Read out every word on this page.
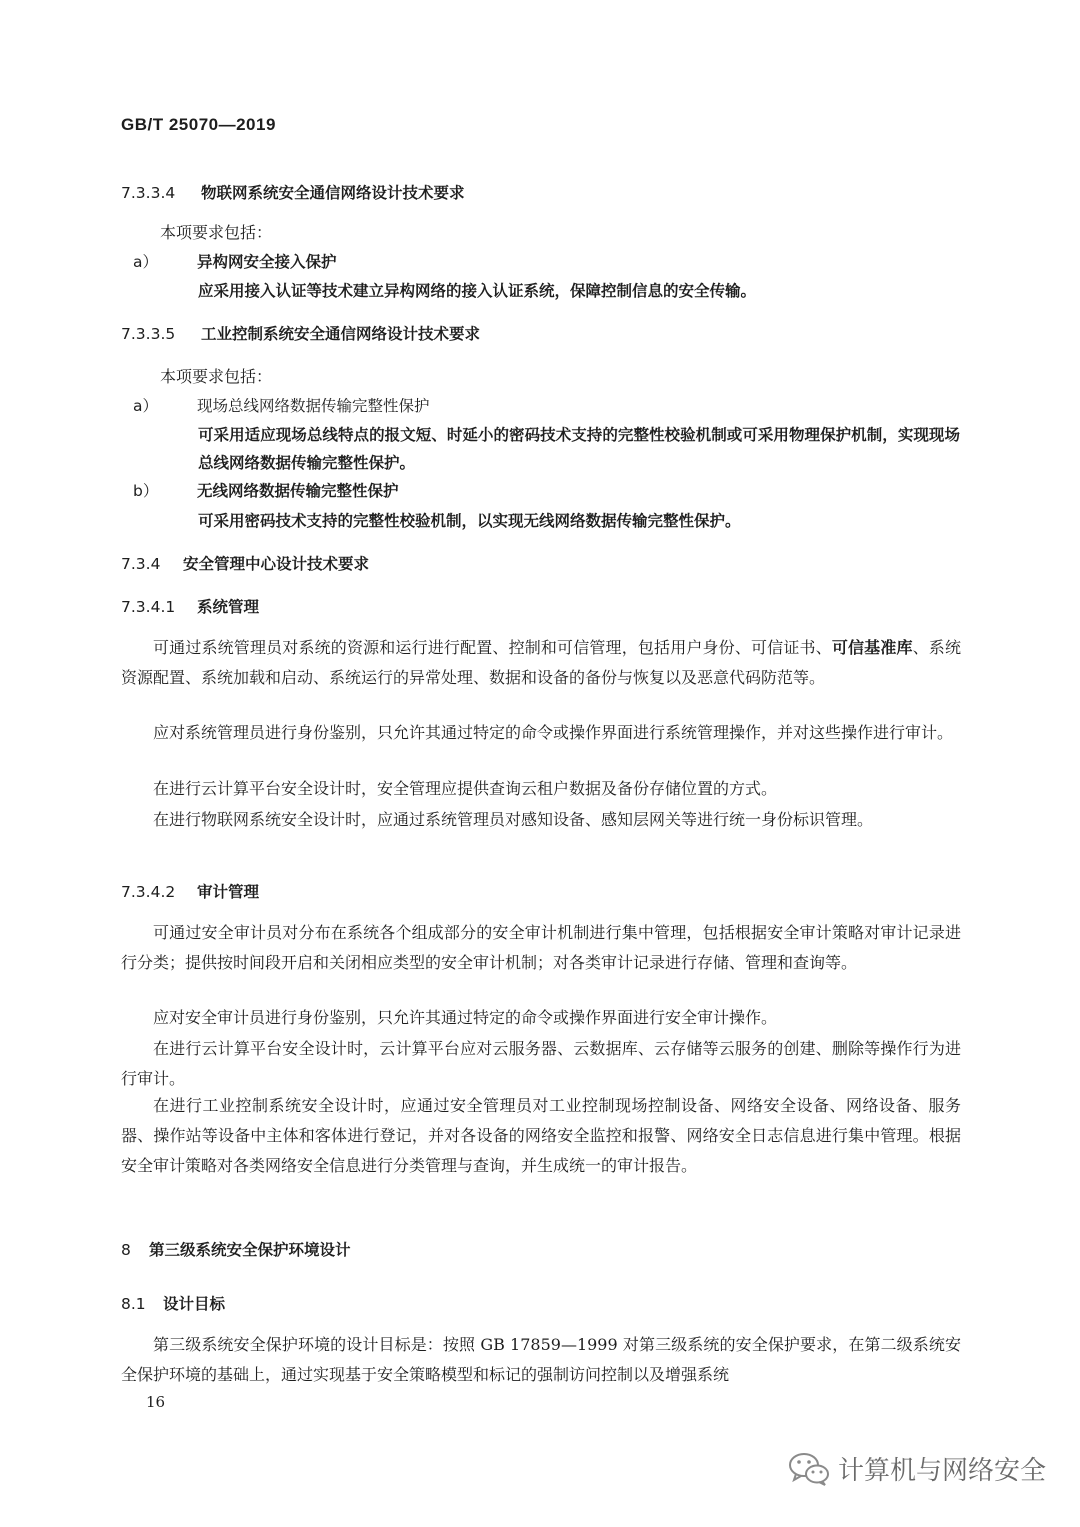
GB/T 25070—2019
7.3.3.4 物联网系统安全通信网络设计技术要求
本项要求包括：
a）	异构网安全接入保护
应采用接入认证等技术建立异构网络的接入认证系统，保障控制信息的安全传输。
7.3.3.5 工业控制系统安全通信网络设计技术要求
本项要求包括：
a）	现场总线网络数据传输完整性保护
可采用适应现场总线特点的报文短、时延小的密码技术支持的完整性校验机制或可采用物理保护机制，实现现场总线网络数据传输完整性保护。
b） 无线网络数据传输完整性保护
可采用密码技术支持的完整性校验机制，以实现无线网络数据传输完整性保护。
7.3.4 安全管理中心设计技术要求
7.3.4.1 系统管理
可通过系统管理员对系统的资源和运行进行配置、控制和可信管理，包括用户身份、可信证书、可信基准库、系统资源配置、系统加载和启动、系统运行的异常处理、数据和设备的备份与恢复以及恶意代码防范等。
应对系统管理员进行身份鉴别，只允许其通过特定的命令或操作界面进行系统管理操作，并对这些操作进行审计。
在进行云计算平台安全设计时，安全管理应提供查询云租户数据及备份存储位置的方式。
在进行物联网系统安全设计时，应通过系统管理员对感知设备、感知层网关等进行统一身份标识管理。
7.3.4.2 审计管理
可通过安全审计员对分布在系统各个组成部分的安全审计机制进行集中管理，包括根据安全审计策略对审计记录进行分类；提供按时间段开启和关闭相应类型的安全审计机制；对各类审计记录进行存储、管理和查询等。
应对安全审计员进行身份鉴别，只允许其通过特定的命令或操作界面进行安全审计操作。
在进行云计算平台安全设计时，云计算平台应对云服务器、云数据库、云存储等云服务的创建、删除等操作行为进行审计。
在进行工业控制系统安全设计时，应通过安全管理员对工业控制现场控制设备、网络安全设备、网络设备、服务器、操作站等设备中主体和客体进行登记，并对各设备的网络安全监控和报警、网络安全日志信息进行集中管理。根据安全审计策略对各类网络安全信息进行分类管理与查询，并生成统一的审计报告。
8 第三级系统安全保护环境设计
8.1 设计目标
第三级系统安全保护环境的设计目标是：按照 GB 17859—1999 对第三级系统的安全保护要求，在第二级系统安全保护环境的基础上，通过实现基于安全策略模型和标记的强制访问控制以及增强系统
16
计算机与网络安全
